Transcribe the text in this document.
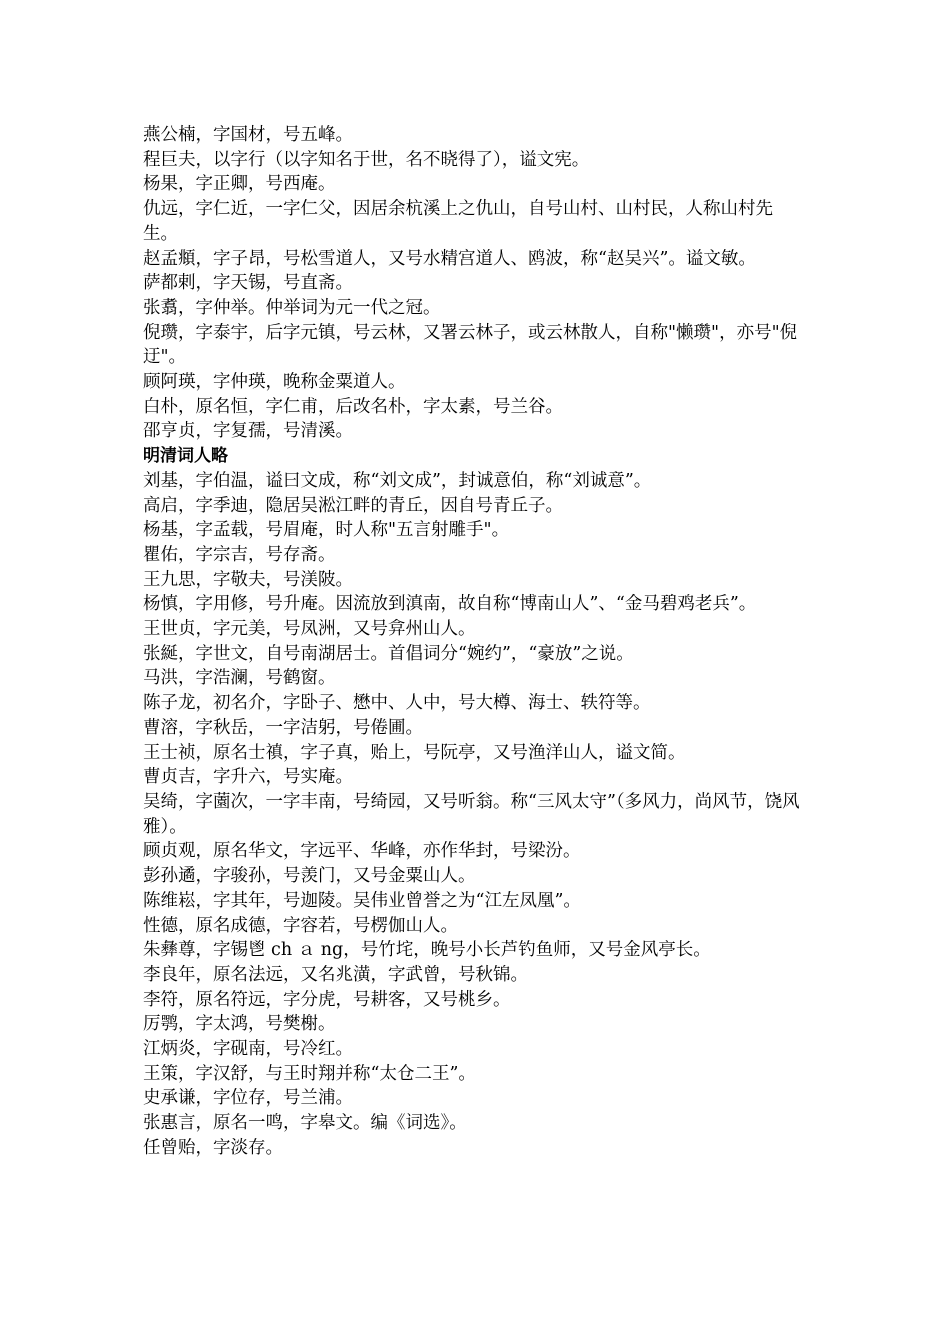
燕公楠，字国材，号五峰。

程巨夫，以字行（以字知名于世，名不晓得了），谥文宪。

杨果，字正卿，号西庵。

仇远，字仁近，一字仁父，因居余杭溪上之仇山，自号山村、山村民，人称山村先生。

赵孟頫，字子昂，号松雪道人，又号水精宫道人、鸥波，称“赵吴兴”。谥文敏。

萨都剌，字天锡，号直斋。

张翥，字仲举。仲举词为元一代之冠。

倪瓒，字泰宇，后字元镇，号云林，又署云林子，或云林散人，自称"懒瓒"，亦号"倪迂"。

顾阿瑛，字仲瑛，晚称金粟道人。

白朴，原名恒，字仁甫，后改名朴，字太素，号兰谷。

邵亨贞，字复孺，号清溪。

明清词人略

刘基，字伯温，谥曰文成，称“刘文成”，封诚意伯，称“刘诚意”。

高启，字季迪，隐居吴淞江畔的青丘，因自号青丘子。

杨基，字孟载，号眉庵，时人称"五言射雕手"。

瞿佑，字宗吉，号存斋。

王九思，字敬夫，号渼陂。

杨慎，字用修，号升庵。因流放到滇南，故自称“博南山人”、“金马碧鸡老兵”。

王世贞，字元美，号凤洲，又号弇州山人。

张綖，字世文，自号南湖居士。首倡词分“婉约”，“豪放”之说。

马洪，字浩澜，号鹤窗。

陈子龙，初名介，字卧子、懋中、人中，号大樽、海士、轶符等。

曹溶，字秋岳，一字洁躬，号倦圃。

王士祯，原名士禛，字子真，贻上，号阮亭，又号渔洋山人，谥文简。

曹贞吉，字升六，号实庵。

吴绮，字薗次，一字丰南，号绮园，又号听翁。称“三风太守”（多风力，尚风节，饶风雅）。

顾贞观，原名华文，字远平、华峰，亦作华封，号梁汾。

彭孙遹，字骏孙，号羡门，又号金粟山人。

陈维崧，字其年，号迦陵。吴伟业曾誉之为“江左凤凰”。

性德，原名成德，字容若，号楞伽山人。

朱彝尊，字锡鬯 ch ａ ng，号竹垞，晚号小长芦钓鱼师，又号金风亭长。

李良年，原名法远，又名兆潢，字武曾，号秋锦。

李符，原名符远，字分虎，号耕客，又号桃乡。

厉鹗，字太鸿，号樊榭。

江炳炎，字砚南，号冷红。

王策，字汉舒，与王时翔并称“太仓二王”。

史承谦，字位存，号兰浦。

张惠言，原名一鸣，字皋文。编《词选》。

任曾贻，字淡存。
